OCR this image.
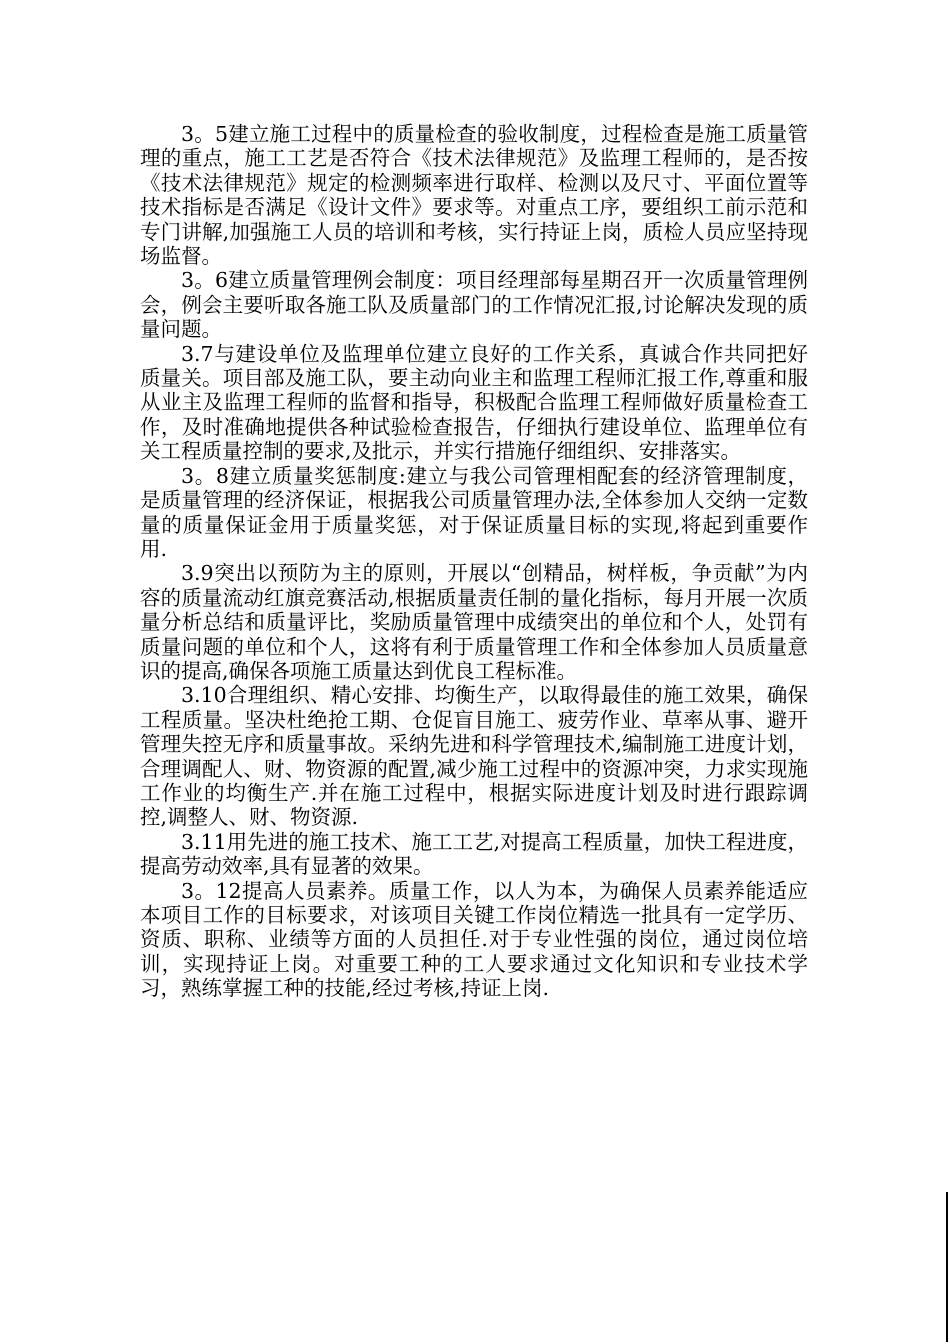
3。5建立施工过程中的质量检查的验收制度，过程检查是施工质量管理的重点，施工工艺是否符合《技术法律规范》及监理工程师的，是否按《技术法律规范》规定的检测频率进行取样、检测以及尺寸、平面位置等技术指标是否满足《设计文件》要求等。对重点工序，要组织工前示范和专门讲解,加强施工人员的培训和考核，实行持证上岗，质检人员应坚持现场监督。

3。6建立质量管理例会制度：项目经理部每星期召开一次质量管理例会，例会主要听取各施工队及质量部门的工作情况汇报,讨论解决发现的质量问题。

3.7与建设单位及监理单位建立良好的工作关系，真诚合作共同把好质量关。项目部及施工队，要主动向业主和监理工程师汇报工作,尊重和服从业主及监理工程师的监督和指导，积极配合监理工程师做好质量检查工作，及时准确地提供各种试验检查报告，仔细执行建设单位、监理单位有关工程质量控制的要求,及批示，并实行措施仔细组织、安排落实。

3。8建立质量奖惩制度:建立与我公司管理相配套的经济管理制度，是质量管理的经济保证，根据我公司质量管理办法,全体参加人交纳一定数量的质量保证金用于质量奖惩，对于保证质量目标的实现,将起到重要作用.

3.9突出以预防为主的原则，开展以“创精品，树样板，争贡献”为内容的质量流动红旗竞赛活动,根据质量责任制的量化指标，每月开展一次质量分析总结和质量评比，奖励质量管理中成绩突出的单位和个人，处罚有质量问题的单位和个人，这将有利于质量管理工作和全体参加人员质量意识的提高,确保各项施工质量达到优良工程标准。

3.10合理组织、精心安排、均衡生产，以取得最佳的施工效果，确保工程质量。坚决杜绝抢工期、仓促盲目施工、疲劳作业、草率从事、避开管理失控无序和质量事故。采纳先进和科学管理技术,编制施工进度计划，合理调配人、财、物资源的配置,减少施工过程中的资源冲突，力求实现施工作业的均衡生产.并在施工过程中，根据实际进度计划及时进行跟踪调控,调整人、财、物资源.

3.11用先进的施工技术、施工工艺,对提高工程质量，加快工程进度，提高劳动效率,具有显著的效果。

3。12提高人员素养。质量工作，以人为本，为确保人员素养能适应本项目工作的目标要求，对该项目关键工作岗位精选一批具有一定学历、资质、职称、业绩等方面的人员担任.对于专业性强的岗位，通过岗位培训，实现持证上岗。对重要工种的工人要求通过文化知识和专业技术学习，熟练掌握工种的技能,经过考核,持证上岗.
